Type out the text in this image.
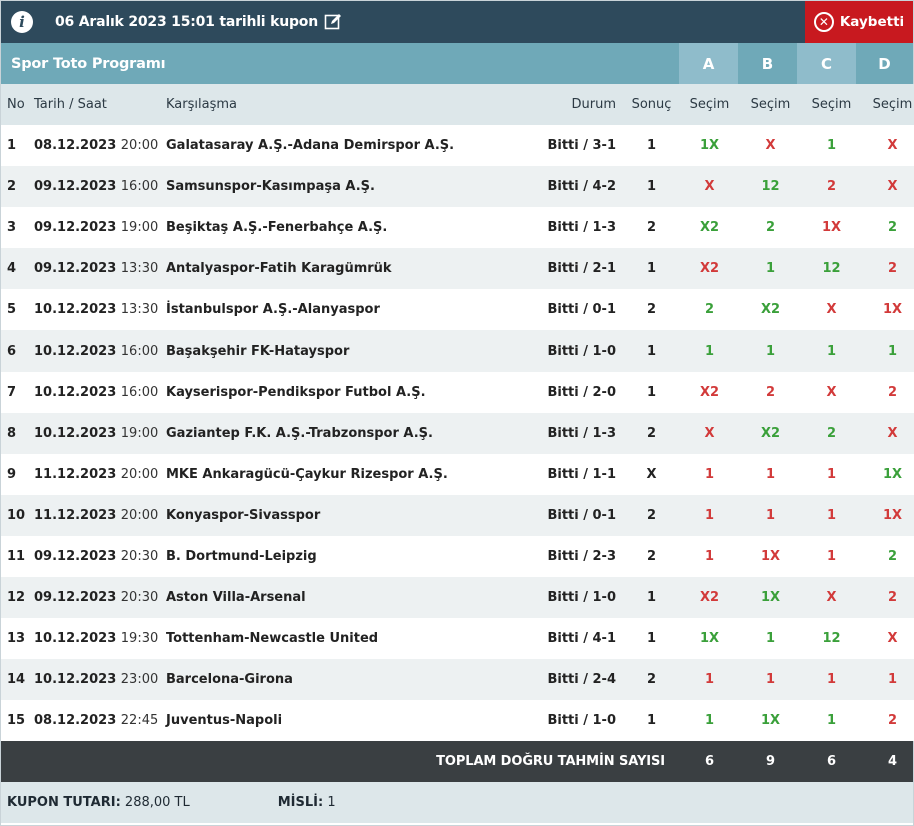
i	06 Aralık 2023 15:01 tarihli kupon	✕ Kaybetti
Spor Toto Programı	A	B	C	D
No	Tarih / Saat	Karşılaşma	Durum	Sonuç	Seçim	Seçim	Seçim	Seçim
1	08.12.2023 20:00	Galatasaray A.Ş.-Adana Demirspor A.Ş.	Bitti / 3-1	1	1X	X	1	X
2	09.12.2023 16:00	Samsunspor-Kasımpaşa A.Ş.	Bitti / 4-2	1	X	12	2	X
3	09.12.2023 19:00	Beşiktaş A.Ş.-Fenerbahçe A.Ş.	Bitti / 1-3	2	X2	2	1X	2
4	09.12.2023 13:30	Antalyaspor-Fatih Karagümrük	Bitti / 2-1	1	X2	1	12	2
5	10.12.2023 13:30	İstanbulspor A.Ş.-Alanyaspor	Bitti / 0-1	2	2	X2	X	1X
6	10.12.2023 16:00	Başakşehir FK-Hatayspor	Bitti / 1-0	1	1	1	1	1
7	10.12.2023 16:00	Kayserispor-Pendikspor Futbol A.Ş.	Bitti / 2-0	1	X2	2	X	2
8	10.12.2023 19:00	Gaziantep F.K. A.Ş.-Trabzonspor A.Ş.	Bitti / 1-3	2	X	X2	2	X
9	11.12.2023 20:00	MKE Ankaragücü-Çaykur Rizespor A.Ş.	Bitti / 1-1	X	1	1	1	1X
10	11.12.2023 20:00	Konyaspor-Sivasspor	Bitti / 0-1	2	1	1	1	1X
11	09.12.2023 20:30	B. Dortmund-Leipzig	Bitti / 2-3	2	1	1X	1	2
12	09.12.2023 20:30	Aston Villa-Arsenal	Bitti / 1-0	1	X2	1X	X	2
13	10.12.2023 19:30	Tottenham-Newcastle United	Bitti / 4-1	1	1X	1	12	X
14	10.12.2023 23:00	Barcelona-Girona	Bitti / 2-4	2	1	1	1	1
15	08.12.2023 22:45	Juventus-Napoli	Bitti / 1-0	1	1	1X	1	2
TOPLAM DOĞRU TAHMİN SAYISI	6	9	6	4
KUPON TUTARI:
288,00 TL	MİSLİ:
1
